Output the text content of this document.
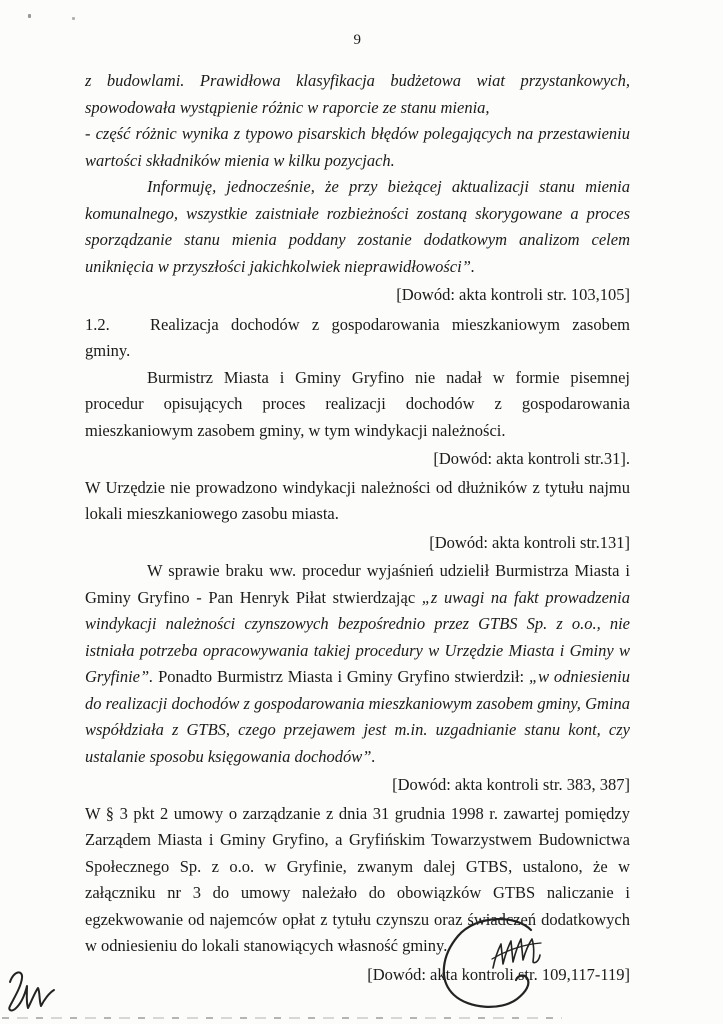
9

z budowlami. Prawidłowa klasyfikacja budżetowa wiat przystankowych, spowodowała wystąpienie różnic w raporcie ze stanu mienia,

- część różnic wynika z typowo pisarskich błędów polegających na przestawieniu wartości składników mienia w kilku pozycjach.

Informuję, jednocześnie, że przy bieżącej aktualizacji stanu mienia komunalnego, wszystkie zaistniałe rozbieżności zostaną skorygowane a proces sporządzanie stanu mienia poddany zostanie dodatkowym analizom celem uniknięcia w przyszłości jakichkolwiek nieprawidłowości”.

[Dowód: akta kontroli str. 103,105]

1.2. Realizacja dochodów z gospodarowania mieszkaniowym zasobem gminy.

Burmistrz Miasta i Gminy Gryfino nie nadał w formie pisemnej procedur opisujących proces realizacji dochodów z gospodarowania mieszkaniowym zasobem gminy, w tym windykacji należności.

[Dowód: akta kontroli str.31].

W Urzędzie nie prowadzono windykacji należności od dłużników z tytułu najmu lokali mieszkaniowego zasobu miasta.

[Dowód: akta kontroli str.131]

W sprawie braku ww. procedur wyjaśnień udzielił Burmistrza Miasta i Gminy Gryfino - Pan Henryk Piłat stwierdzając „z uwagi na fakt prowadzenia windykacji należności czynszowych bezpośrednio przez GTBS Sp. z o.o., nie istniała potrzeba opracowywania takiej procedury w Urzędzie Miasta i Gminy w Gryfinie”. Ponadto Burmistrz Miasta i Gminy Gryfino stwierdził: „w odniesieniu do realizacji dochodów z gospodarowania mieszkaniowym zasobem gminy, Gmina współdziała z GTBS, czego przejawem jest m.in. uzgadnianie stanu kont, czy ustalanie sposobu księgowania dochodów”.

[Dowód: akta kontroli str. 383, 387]

W § 3 pkt 2 umowy o zarządzanie z dnia 31 grudnia 1998 r. zawartej pomiędzy Zarządem Miasta i Gminy Gryfino, a Gryfińskim Towarzystwem Budownictwa Społecznego Sp. z o.o. w Gryfinie, zwanym dalej GTBS, ustalono, że w załączniku nr 3 do umowy należało do obowiązków GTBS naliczanie i egzekwowanie od najemców opłat z tytułu czynszu oraz świadczeń dodatkowych w odniesieniu do lokali stanowiących własność gminy.

[Dowód: akta kontroli str. 109,117-119]
